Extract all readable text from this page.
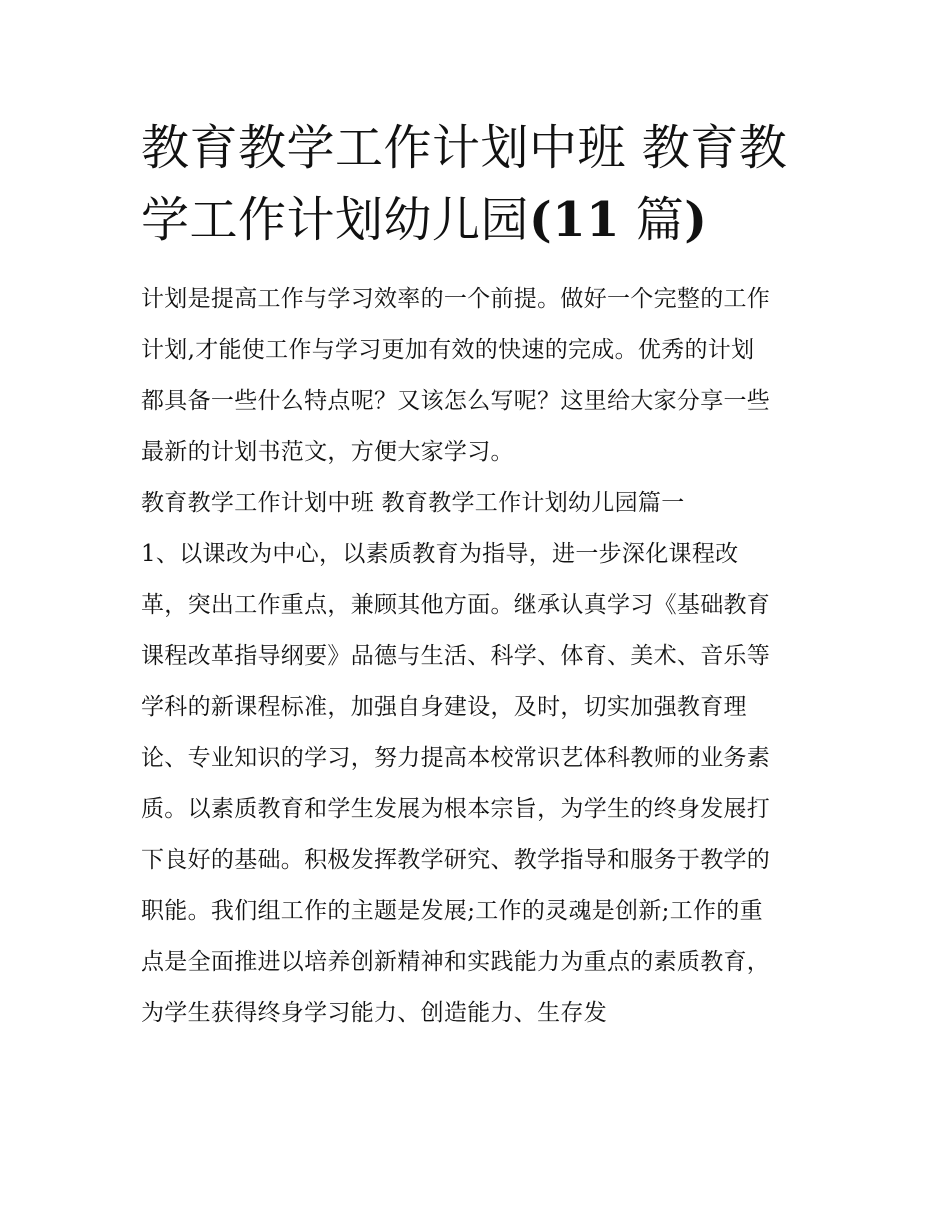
教育教学工作计划中班 教育教
学工作计划幼儿园(11 篇)

计划是提高工作与学习效率的一个前提。做好一个完整的工作
计划,才能使工作与学习更加有效的快速的完成。优秀的计划
都具备一些什么特点呢？又该怎么写呢？这里给大家分享一些
最新的计划书范文，方便大家学习。

教育教学工作计划中班 教育教学工作计划幼儿园篇一

1、以课改为中心，以素质教育为指导，进一步深化课程改
革，突出工作重点，兼顾其他方面。继承认真学习《基础教育
课程改革指导纲要》品德与生活、科学、体育、美术、音乐等
学科的新课程标准，加强自身建设，及时，切实加强教育理
论、专业知识的学习，努力提高本校常识艺体科教师的业务素
质。以素质教育和学生发展为根本宗旨，为学生的终身发展打
下良好的基础。积极发挥教学研究、教学指导和服务于教学的
职能。我们组工作的主题是发展;工作的灵魂是创新;工作的重
点是全面推进以培养创新精神和实践能力为重点的素质教育，
为学生获得终身学习能力、创造能力、生存发
